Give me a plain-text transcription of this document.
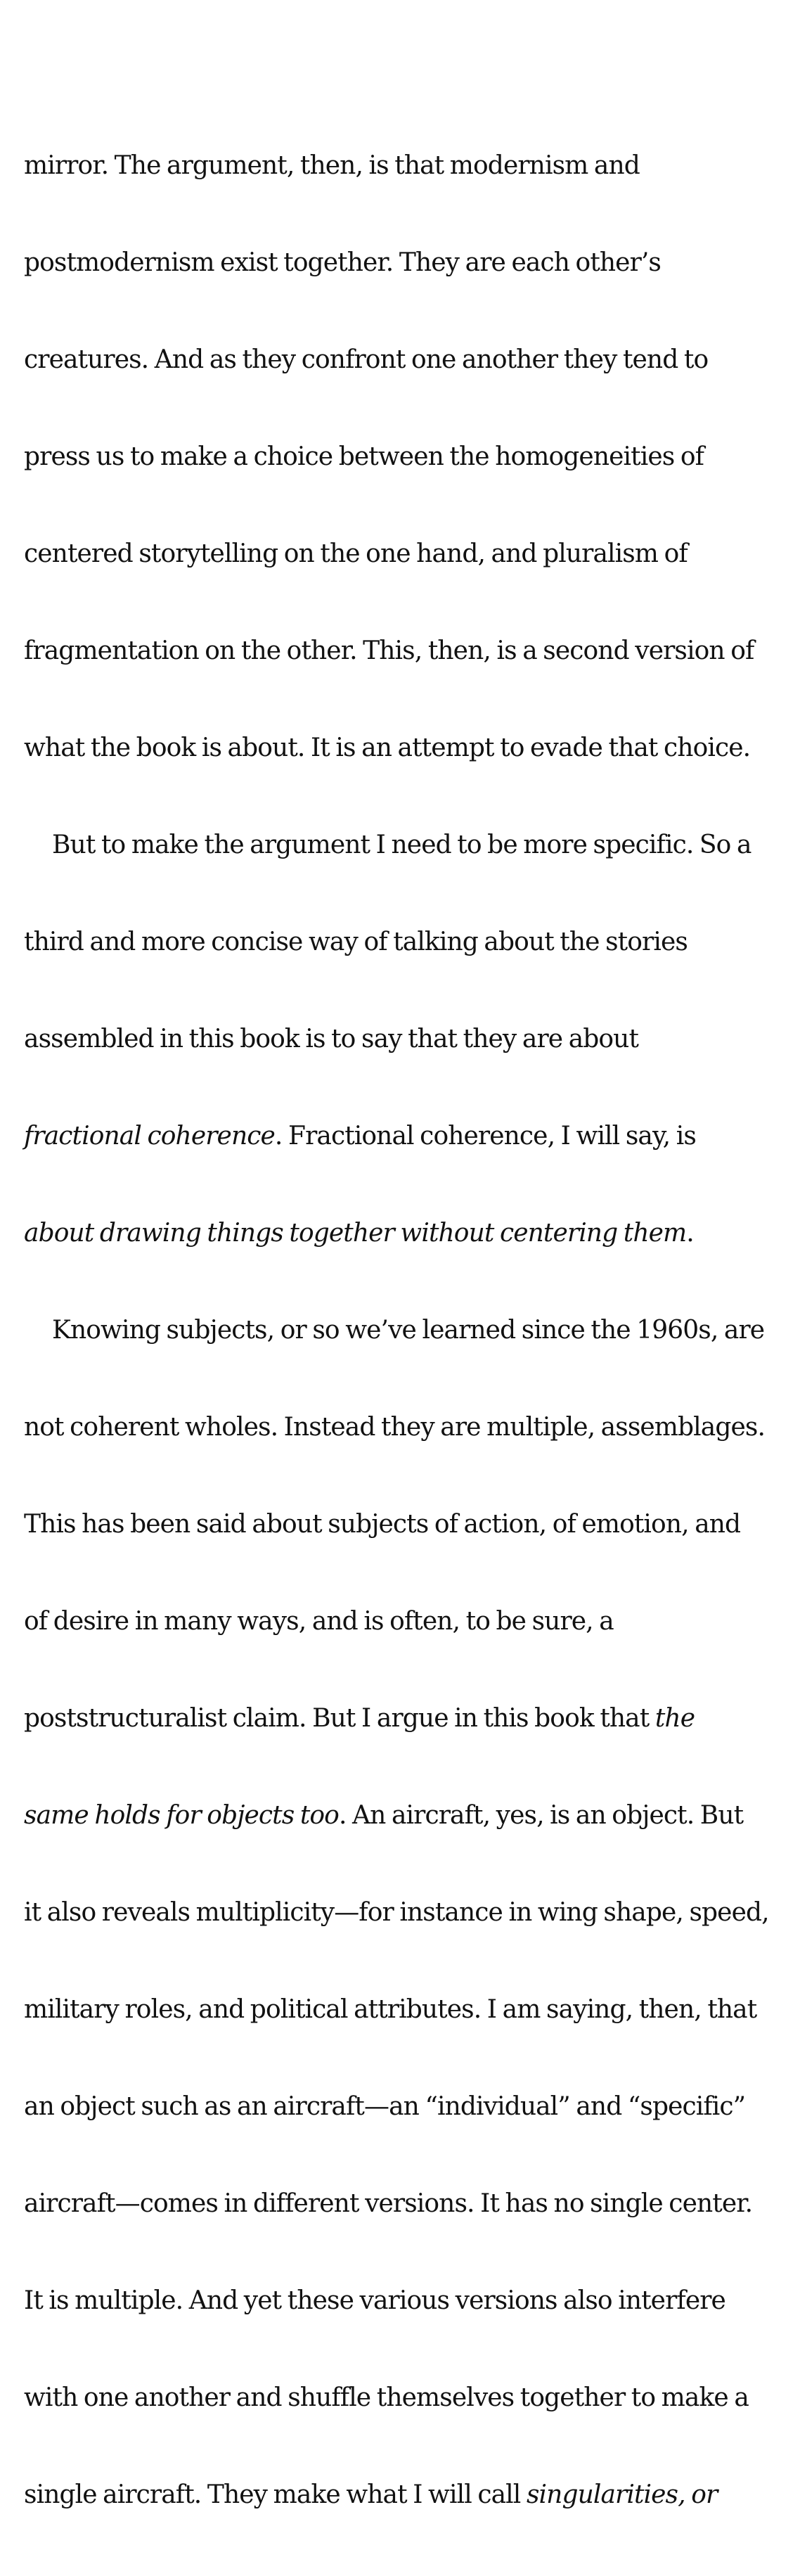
mirror. The argument, then, is that modernism and

postmodernism exist together. They are each other’s

creatures. And as they confront one another they tend to

press us to make a choice between the homogeneities of

centered storytelling on the one hand, and pluralism of

fragmentation on the other. This, then, is a second version of

what the book is about. It is an attempt to evade that choice.

But to make the argument I need to be more specific. So a

third and more concise way of talking about the stories

assembled in this book is to say that they are about

fractional coherence. Fractional coherence, I will say, is

about drawing things together without centering them.

Knowing subjects, or so we’ve learned since the 1960s, are

not coherent wholes. Instead they are multiple, assemblages.

This has been said about subjects of action, of emotion, and

of desire in many ways, and is often, to be sure, a

poststructuralist claim. But I argue in this book that the

same holds for objects too. An aircraft, yes, is an object. But

it also reveals multiplicity—for instance in wing shape, speed,

military roles, and political attributes. I am saying, then, that

an object such as an aircraft—an “individual” and “specific”

aircraft—comes in different versions. It has no single center.

It is multiple. And yet these various versions also interfere

with one another and shuffle themselves together to make a

single aircraft. They make what I will call singularities, or
